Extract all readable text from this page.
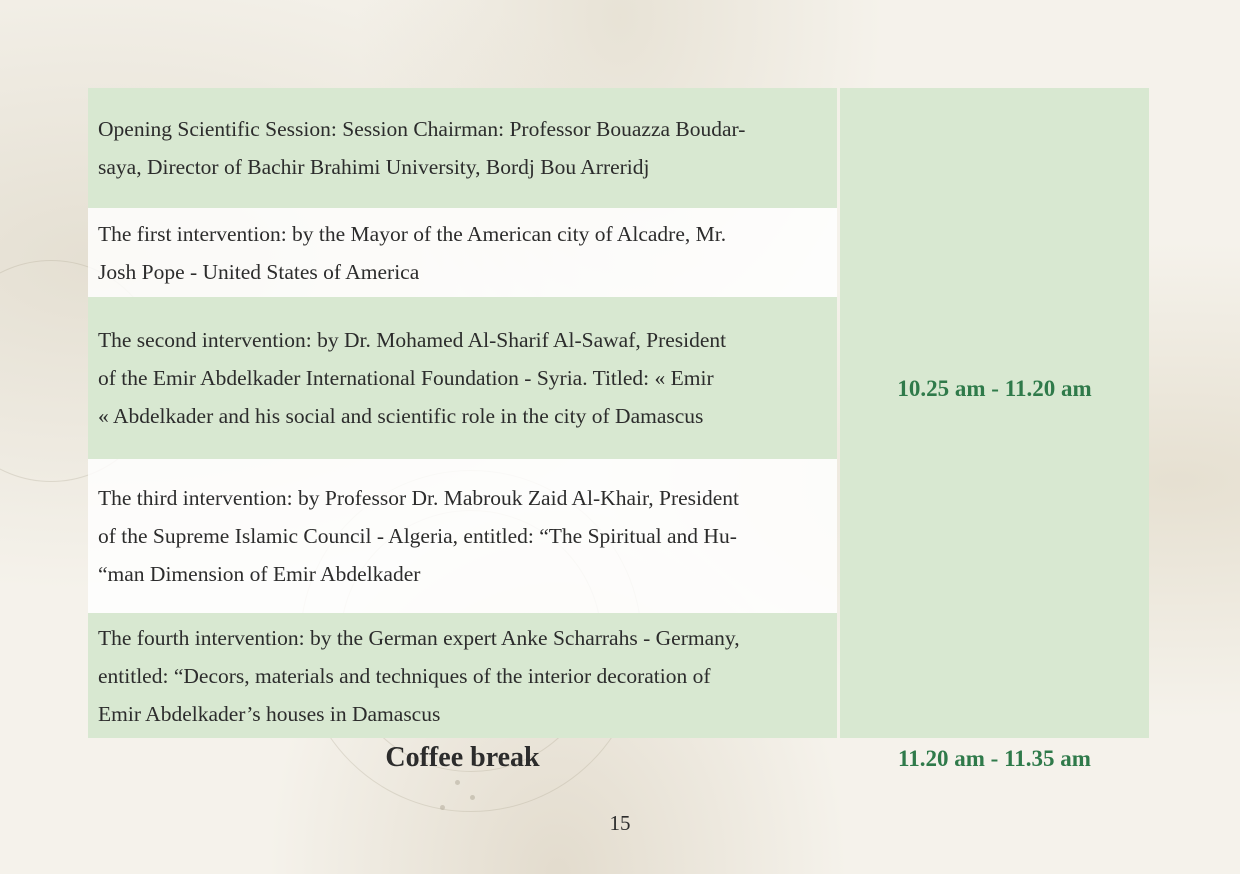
Opening Scientific Session: Session Chairman: Professor Bouazza Boudar-
saya, Director of Bachir Brahimi University, Bordj Bou Arreridj
The first intervention: by the Mayor of the American city of Alcadre, Mr.
Josh Pope - United States of America
The second intervention: by Dr. Mohamed Al-Sharif Al-Sawaf, President
of the Emir Abdelkader International Foundation - Syria. Titled: « Emir
« Abdelkader and his social and scientific role in the city of Damascus
The third intervention: by Professor Dr. Mabrouk Zaid Al-Khair, President
of the Supreme Islamic Council - Algeria, entitled: “The Spiritual and Hu-
“man Dimension of Emir Abdelkader
The fourth intervention: by the German expert Anke Scharrahs - Germany,
entitled: “Decors, materials and techniques of the interior decoration of
Emir Abdelkader’s houses in Damascus
10.25 am - 11.20 am
Coffee break	11.20 am - 11.35 am
15
